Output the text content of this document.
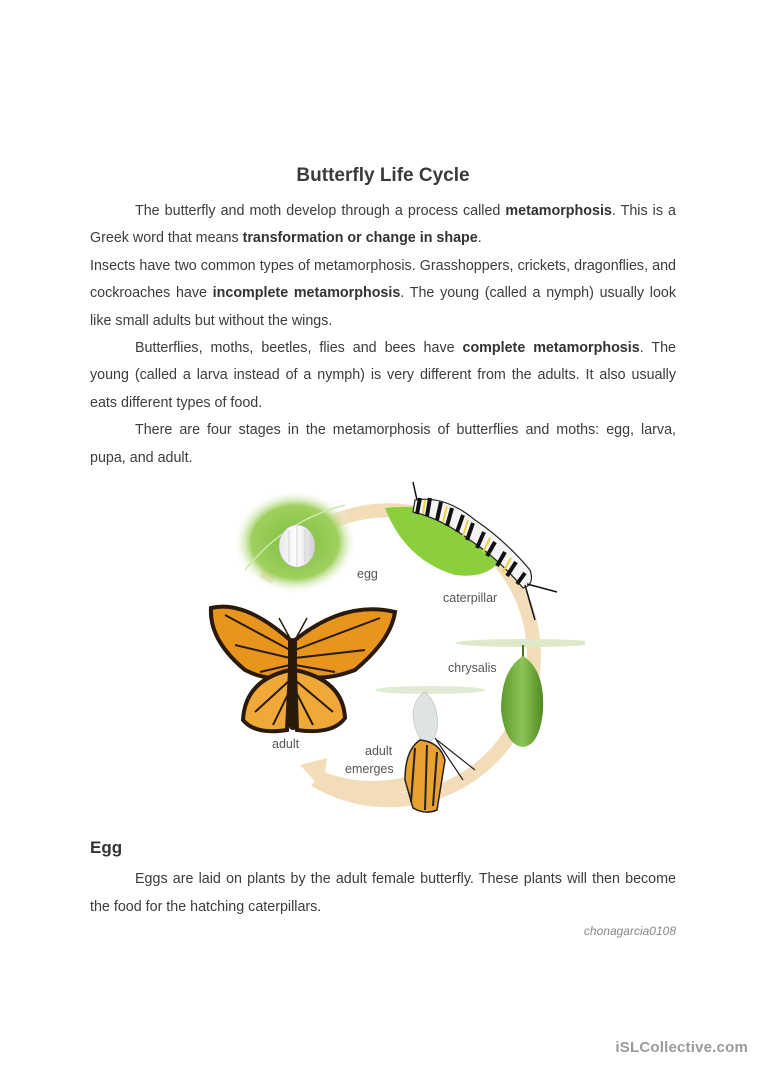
Butterfly Life Cycle

The butterfly and moth develop through a process called metamorphosis. This is a Greek word that means transformation or change in shape.

Insects have two common types of metamorphosis. Grasshoppers, crickets, dragonflies, and cockroaches have incomplete metamorphosis. The young (called a nymph) usually look like small adults but without the wings.

Butterflies, moths, beetles, flies and bees have complete metamorphosis. The young (called a larva instead of a nymph) is very different from the adults. It also usually eats different types of food.

There are four stages in the metamorphosis of butterflies and moths: egg, larva, pupa, and adult.

Egg

Eggs are laid on plants by the adult female butterfly. These plants will then become the food for the hatching caterpillars.

chonagarcia0108
egg
caterpillar
chrysalis
adult
emerges
adult
iSLCollective.com
